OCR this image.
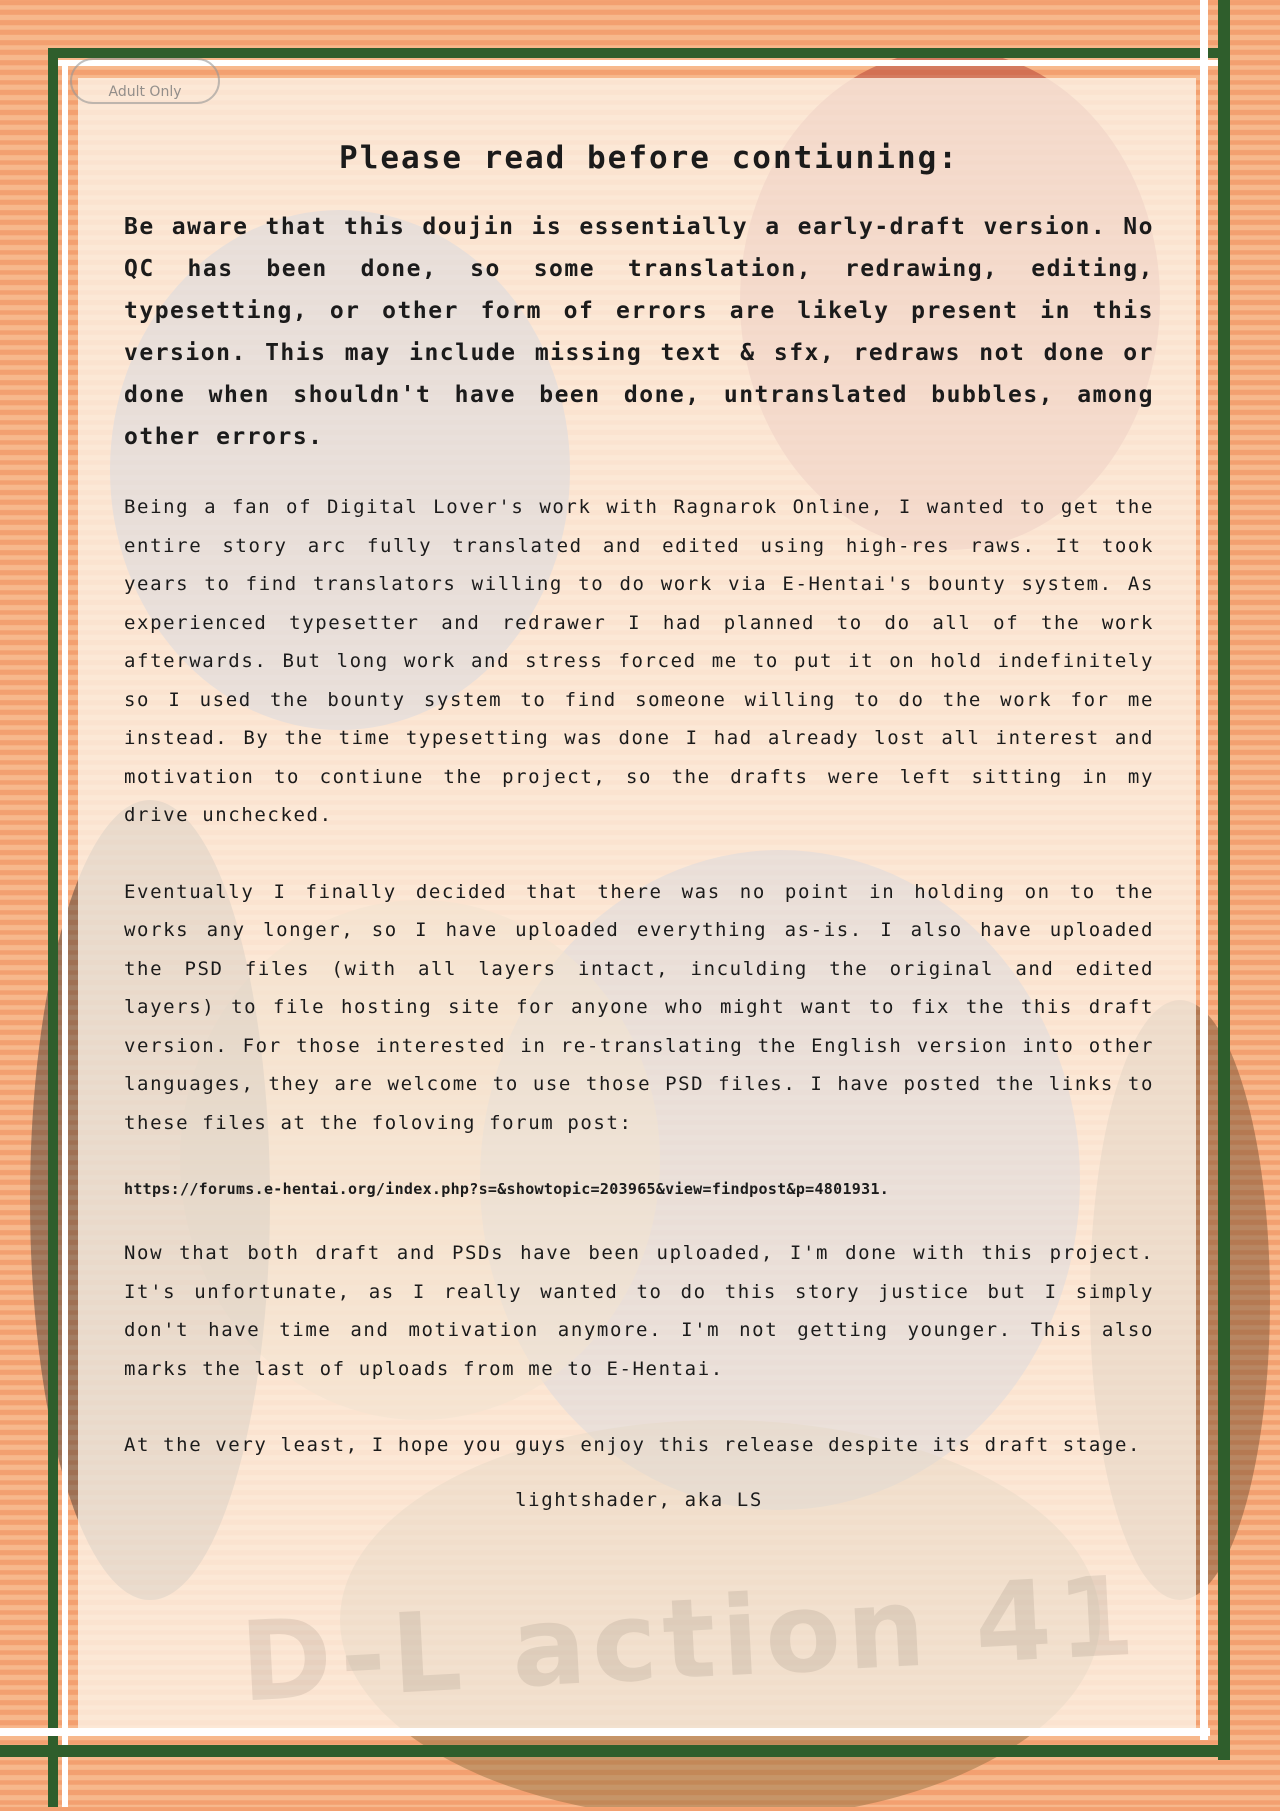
Adult Only
D-L action 41
Please read before contiuning:

Be aware that this doujin is essentially a early-draft version. No QC has been done, so some translation, redrawing, editing, typesetting, or other form of errors are likely present in this version. This may include missing text & sfx, redraws not done or done when shouldn't have been done, untranslated bubbles, among other errors.

Being a fan of Digital Lover's work with Ragnarok Online, I wanted to get the entire story arc fully translated and edited using high-res raws. It took years to find translators willing to do work via E-Hentai's bounty system. As experienced typesetter and redrawer I had planned to do all of the work afterwards. But long work and stress forced me to put it on hold indefinitely so I used the bounty system to find someone willing to do the work for me instead. By the time typesetting was done I had already lost all interest and motivation to contiune the project, so the drafts were left sitting in my drive unchecked.

Eventually I finally decided that there was no point in holding on to the works any longer, so I have uploaded everything as-is. I also have uploaded the PSD files (with all layers intact, inculding the original and edited layers) to file hosting site for anyone who might want to fix the this draft version. For those interested in re-translating the English version into other languages, they are welcome to use those PSD files. I have posted the links to these files at the foloving forum post:

https://forums.e-hentai.org/index.php?s=&showtopic=203965&view=findpost&p=4801931.

Now that both draft and PSDs have been uploaded, I'm done with this project. It's unfortunate, as I really wanted to do this story justice but I simply don't have time and motivation anymore. I'm not getting younger. This also marks the last of uploads from me to E-Hentai.

At the very least, I hope you guys enjoy this release despite its draft stage.

lightshader, aka LS
